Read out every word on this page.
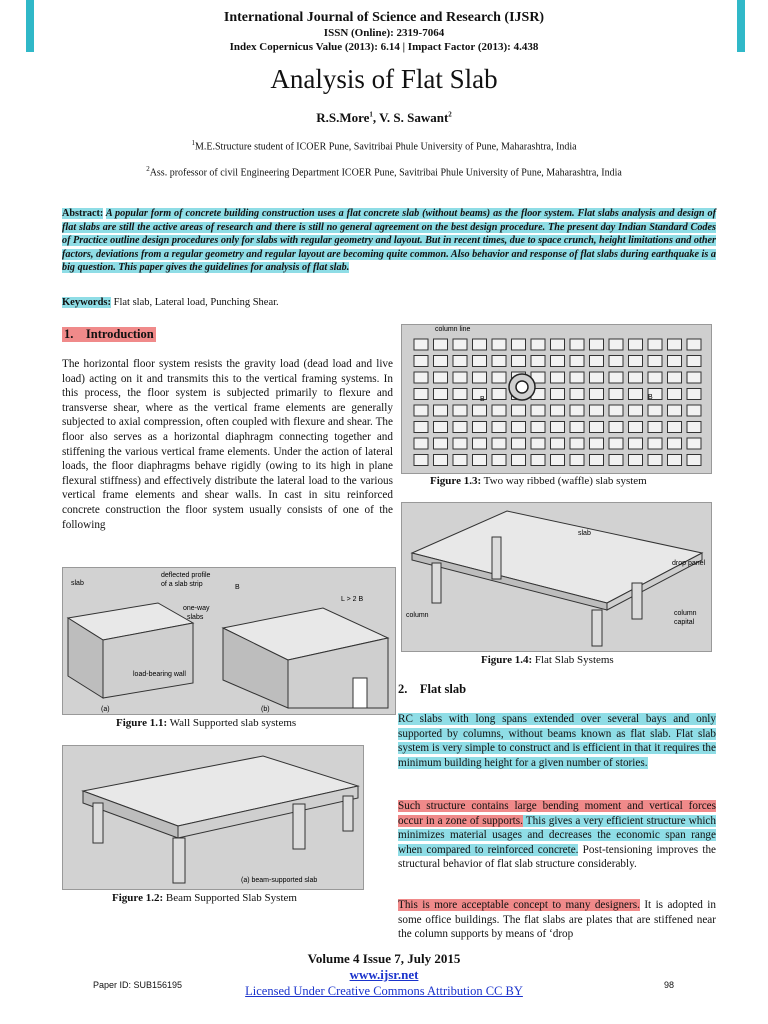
International Journal of Science and Research (IJSR)
ISSN (Online): 2319-7064
Index Copernicus Value (2013): 6.14 | Impact Factor (2013): 4.438
Analysis of Flat Slab
R.S.More$^1$, V. S. Sawant$^2$
$^1$M.E.Structure student of ICOER Pune, Savitribai Phule University of Pune, Maharashtra, India
$^2$Ass. professor of civil Engineering Department ICOER Pune, Savitribai Phule University of Pune, Maharashtra, India
Abstract: A popular form of concrete building construction uses a flat concrete slab (without beams) as the floor system. Flat slabs analysis and design of flat slabs are still the active areas of research and there is still no general agreement on the best design procedure. The present day Indian Standard Codes of Practice outline design procedures only for slabs with regular geometry and layout. But in recent times, due to space crunch, height limitations and other factors, deviations from a regular geometry and regular layout are becoming quite common. Also behavior and response of flat slabs during earthquake is a big question. This paper gives the guidelines for analysis of flat slab.
Keywords: Flat slab, Lateral load, Punching Shear.
1.    Introduction
The horizontal floor system resists the gravity load (dead load and live load) acting on it and transmits this to the vertical framing systems. In this process, the floor system is subjected primarily to flexure and transverse shear, where as the vertical frame elements are generally subjected to axial compression, often coupled with flexure and shear. The floor also serves as a horizontal diaphragm connecting together and stiffening the various vertical frame elements. Under the action of lateral loads, the floor diaphragms behave rigidly (owing to its high in plane flexural stiffness) and effectively distribute the lateral load to the various vertical frame elements and shear walls. In cast in situ reinforced concrete construction the floor system usually consists of one of the following
slab
deflected profile
of a slab strip
one-way
slabs
load-bearing wall
(a)	(b)
B
L > 2 B
Figure 1.1: Wall Supported slab systems
(a) beam-supported slab
Figure 1.2: Beam Supported Slab System
column line
B	B
Figure 1.3: Two way ribbed (waffle) slab system
slab
drop panel
column	column
capital
Figure 1.4: Flat Slab Systems
2.    Flat slab
RC slabs with long spans extended over several bays and only supported by columns, without beams known as flat slab. Flat slab system is very simple to construct and is efficient in that it requires the minimum building height for a given number of stories.
Such structure contains large bending moment and vertical forces occur in a zone of supports. This gives a very efficient structure which minimizes material usages and decreases the economic span range when compared to reinforced concrete. Post-tensioning improves the structural behavior of flat slab structure considerably.
This is more acceptable concept to many designers. It is adopted in some office buildings. The flat slabs are plates that are stiffened near the column supports by means of ‘drop
Volume 4 Issue 7, July 2015
www.ijsr.net
Licensed Under Creative Commons Attribution CC BY
Paper ID: SUB156195	98
